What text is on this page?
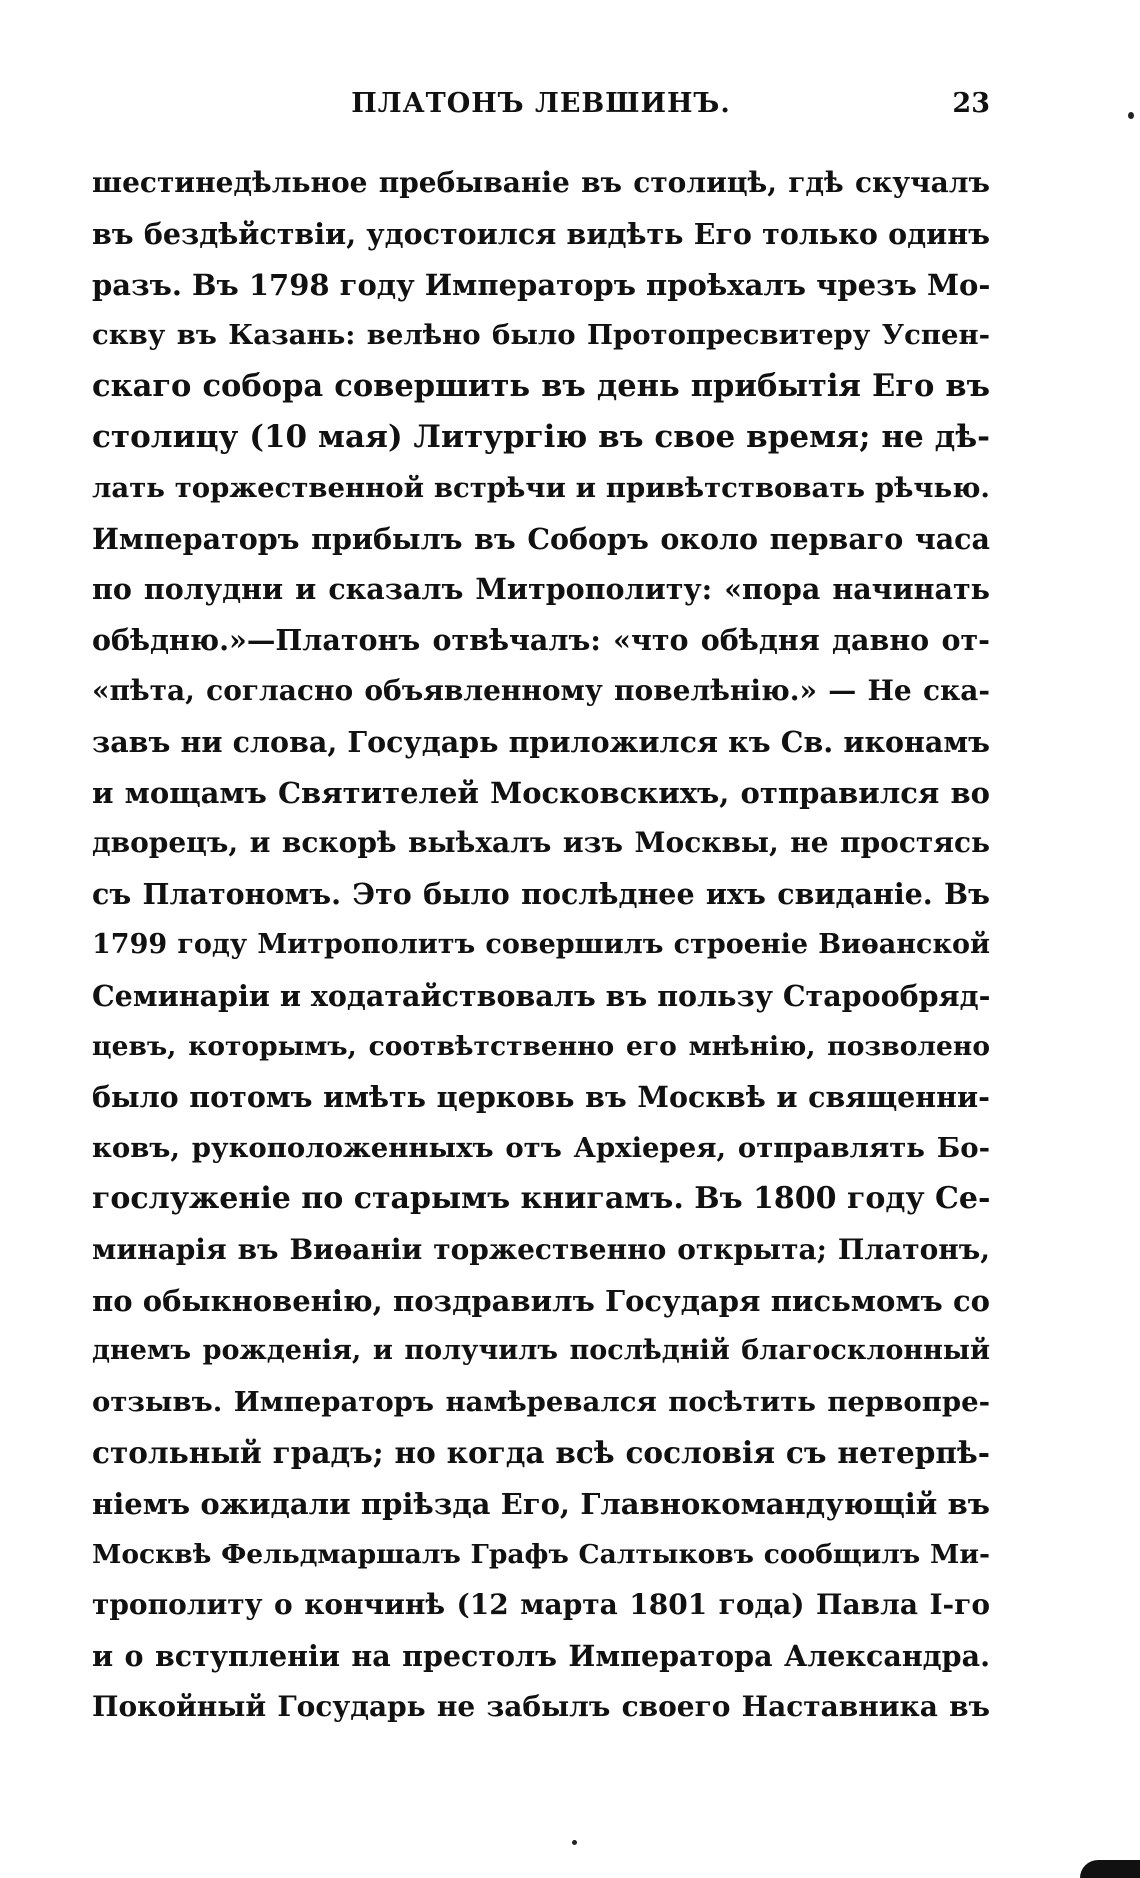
ПЛАТОНЪ ЛЕВШИНЪ.	23
шестинедѣльное пребываніе въ столицѣ, гдѣ скучалъ
въ бездѣйствіи, удостоился видѣть Его только одинъ
разъ. Въ 1798 году Императоръ проѣхалъ чрезъ Мо-
скву въ Казань: велѣно было Протопресвитеру Успен-
скаго собора совершить въ день прибытія Его въ
столицу (10 мая) Литургію въ свое время; не дѣ-
лать торжественной встрѣчи и привѣтствовать рѣчью.
Императоръ прибылъ въ Соборъ около перваго часа
по полудни и сказалъ Митрополиту: «пора начинать
обѣдню.»—Платонъ отвѣчалъ: «что обѣдня давно от-
«пѣта, согласно объявленному повелѣнію.» — Не ска-
завъ ни слова, Государь приложился къ Св. иконамъ
и мощамъ Святителей Московскихъ, отправился во
дворецъ, и вскорѣ выѣхалъ изъ Москвы, не простясь
съ Платономъ. Это было послѣднее ихъ свиданіе. Въ
1799 году Митрополитъ совершилъ строеніе Виѳанской
Семинаріи и ходатайствовалъ въ пользу Старообряд-
цевъ, которымъ, соотвѣтственно его мнѣнію, позволено
было потомъ имѣть церковь въ Москвѣ и священни-
ковъ, рукоположенныхъ отъ Архіерея, отправлять Бо-
гослуженіе по старымъ книгамъ. Въ 1800 году Се-
минарія въ Виѳаніи торжественно открыта; Платонъ,
по обыкновенію, поздравилъ Государя письмомъ со
днемъ рожденія, и получилъ послѣдній благосклонный
отзывъ. Императоръ намѣревался посѣтить первопре-
стольный градъ; но когда всѣ сословія съ нетерпѣ-
ніемъ ожидали пріѣзда Его, Главнокомандующій въ
Москвѣ Фельдмаршалъ Графъ Салтыковъ сообщилъ Ми-
трополиту о кончинѣ (12 марта 1801 года) Павла I-го
и о вступленіи на престолъ Императора Александра.
Покойный Государь не забылъ своего Наставника въ
